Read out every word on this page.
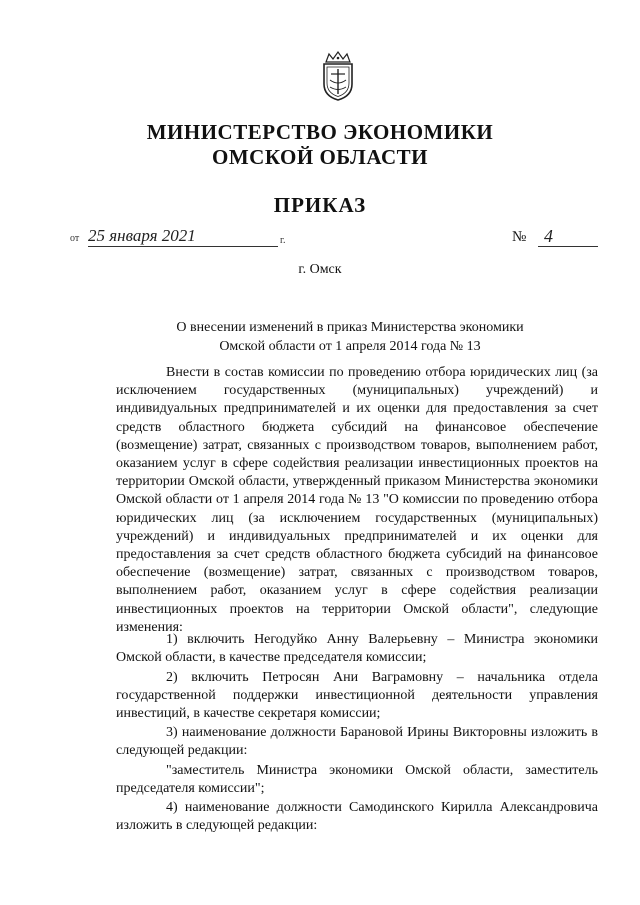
МИНИСТЕРСТВО ЭКОНОМИКИ
ОМСКОЙ ОБЛАСТИ
ПРИКАЗ
от 25 января 2021	г.	№ 4
г. Омск
О внесении изменений в приказ Министерства экономики
Омской области от 1 апреля 2014 года № 13

Внести в состав комиссии по проведению отбора юридических лиц (за исключением государственных (муниципальных) учреждений) и индивидуальных предпринимателей и их оценки для предоставления за счет средств областного бюджета субсидий на финансовое обеспечение (возмещение) затрат, связанных с производством товаров, выполнением работ, оказанием услуг в сфере содействия реализации инвестиционных проектов на территории Омской области, утвержденный приказом Министерства экономики Омской области от 1 апреля 2014 года № 13 "О комиссии по проведению отбора юридических лиц (за исключением государственных (муниципальных) учреждений) и индивидуальных предпринимателей и их оценки для предоставления за счет средств областного бюджета субсидий на финансовое обеспечение (возмещение) затрат, связанных с производством товаров, выполнением работ, оказанием услуг в сфере содействия реализации инвестиционных проектов на территории Омской области", следующие изменения:

1) включить Негодуйко Анну Валерьевну – Министра экономики Омской области, в качестве председателя комиссии;

2) включить Петросян Ани Ваграмовну – начальника отдела государственной поддержки инвестиционной деятельности управления инвестиций, в качестве секретаря комиссии;

3) наименование должности Барановой Ирины Викторовны изложить в следующей редакции:

"заместитель Министра экономики Омской области, заместитель председателя комиссии";

4) наименование должности Самодинского Кирилла Александровича изложить в следующей редакции:
